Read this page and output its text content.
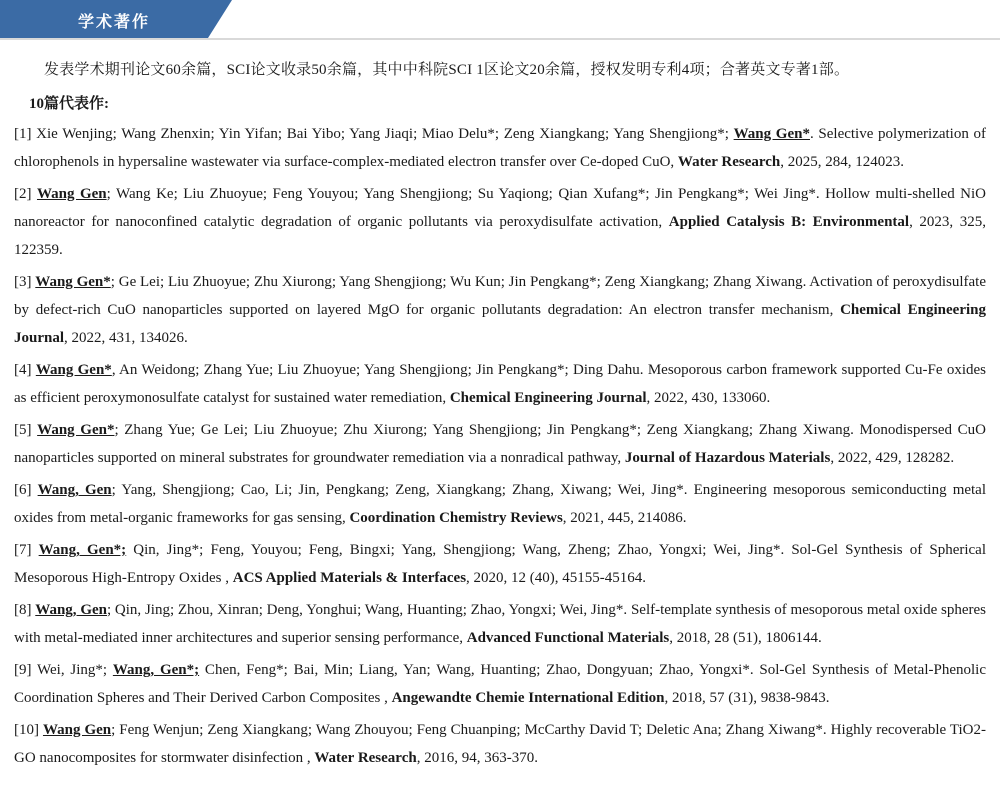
学术著作

发表学术期刊论文60余篇，SCI论文收录50余篇，其中中科院SCI 1区论文20余篇，授权发明专利4项；合著英文专著1部。

10篇代表作:

[1] Xie Wenjing; Wang Zhenxin; Yin Yifan; Bai Yibo; Yang Jiaqi; Miao Delu*; Zeng Xiangkang; Yang Shengjiong*; Wang Gen*. Selective polymerization of chlorophenols in hypersaline wastewater via surface-complex-mediated electron transfer over Ce-doped CuO, Water Research, 2025, 284, 124023.

[2] Wang Gen; Wang Ke; Liu Zhuoyue; Feng Youyou; Yang Shengjiong; Su Yaqiong; Qian Xufang*; Jin Pengkang*; Wei Jing*. Hollow multi-shelled NiO nanoreactor for nanoconfined catalytic degradation of organic pollutants via peroxydisulfate activation, Applied Catalysis B: Environmental, 2023, 325, 122359.

[3] Wang Gen*; Ge Lei; Liu Zhuoyue; Zhu Xiurong; Yang Shengjiong; Wu Kun; Jin Pengkang*; Zeng Xiangkang; Zhang Xiwang. Activation of peroxydisulfate by defect-rich CuO nanoparticles supported on layered MgO for organic pollutants degradation: An electron transfer mechanism, Chemical Engineering Journal, 2022, 431, 134026.

[4] Wang Gen*, An Weidong; Zhang Yue; Liu Zhuoyue; Yang Shengjiong; Jin Pengkang*; Ding Dahu. Mesoporous carbon framework supported Cu-Fe oxides as efficient peroxymonosulfate catalyst for sustained water remediation, Chemical Engineering Journal, 2022, 430, 133060.

[5] Wang Gen*; Zhang Yue; Ge Lei; Liu Zhuoyue; Zhu Xiurong; Yang Shengjiong; Jin Pengkang*; Zeng Xiangkang; Zhang Xiwang. Monodispersed CuO nanoparticles supported on mineral substrates for groundwater remediation via a nonradical pathway, Journal of Hazardous Materials, 2022, 429, 128282.

[6] Wang, Gen; Yang, Shengjiong; Cao, Li; Jin, Pengkang; Zeng, Xiangkang; Zhang, Xiwang; Wei, Jing*. Engineering mesoporous semiconducting metal oxides from metal-organic frameworks for gas sensing, Coordination Chemistry Reviews, 2021, 445, 214086.

[7] Wang, Gen*; Qin, Jing*; Feng, Youyou; Feng, Bingxi; Yang, Shengjiong; Wang, Zheng; Zhao, Yongxi; Wei, Jing*. Sol-Gel Synthesis of Spherical Mesoporous High-Entropy Oxides , ACS Applied Materials & Interfaces, 2020, 12 (40), 45155-45164.

[8] Wang, Gen; Qin, Jing; Zhou, Xinran; Deng, Yonghui; Wang, Huanting; Zhao, Yongxi; Wei, Jing*. Self-template synthesis of mesoporous metal oxide spheres with metal-mediated inner architectures and superior sensing performance, Advanced Functional Materials, 2018, 28 (51), 1806144.

[9] Wei, Jing*; Wang, Gen*; Chen, Feng*; Bai, Min; Liang, Yan; Wang, Huanting; Zhao, Dongyuan; Zhao, Yongxi*. Sol-Gel Synthesis of Metal-Phenolic Coordination Spheres and Their Derived Carbon Composites , Angewandte Chemie International Edition, 2018, 57 (31), 9838-9843.

[10] Wang Gen; Feng Wenjun; Zeng Xiangkang; Wang Zhouyou; Feng Chuanping; McCarthy David T; Deletic Ana; Zhang Xiwang*. Highly recoverable TiO2-GO nanocomposites for stormwater disinfection , Water Research, 2016, 94, 363-370.
